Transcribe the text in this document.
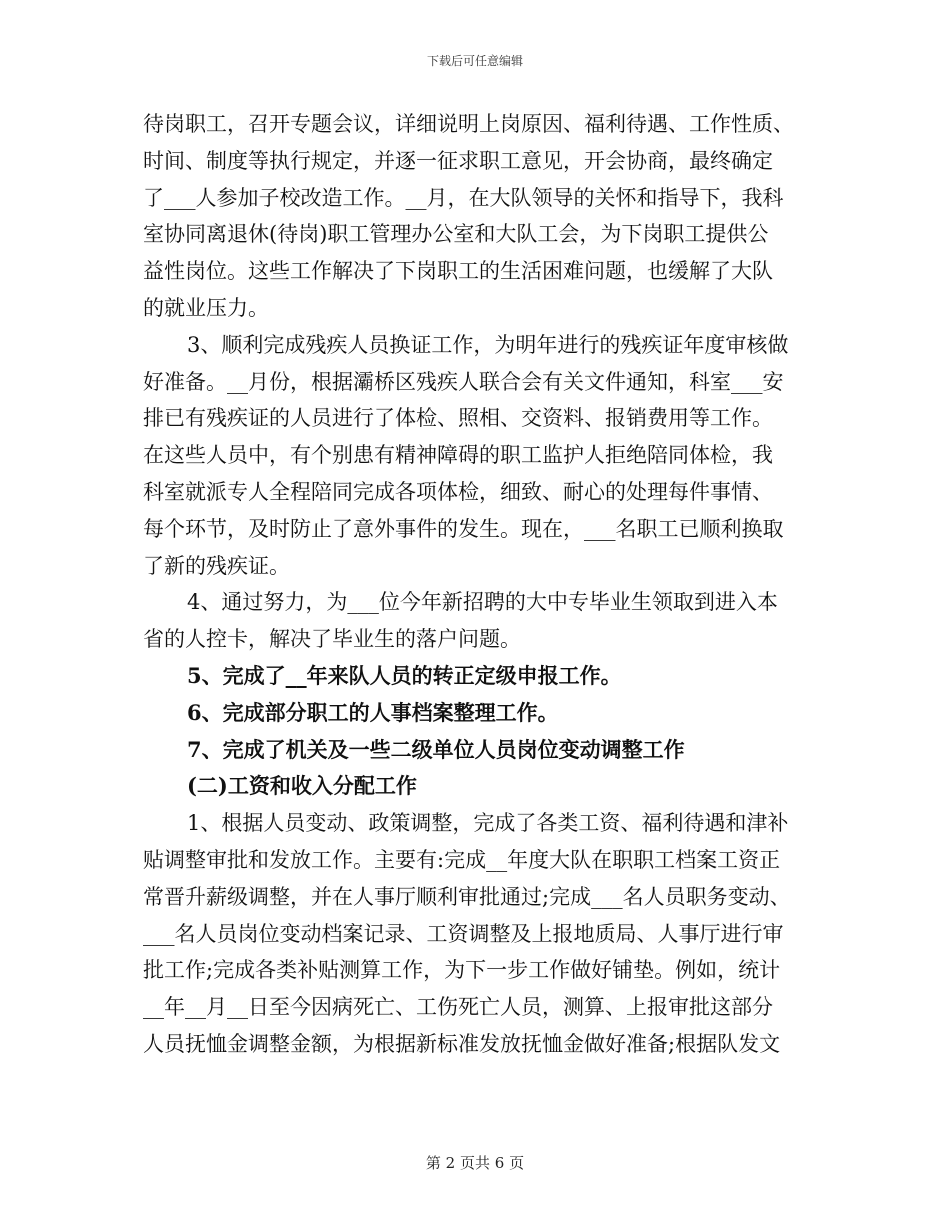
下载后可任意编辑
待岗职工，召开专题会议，详细说明上岗原因、福利待遇、工作性质、
时间、制度等执行规定，并逐一征求职工意见，开会协商，最终确定
了___人参加子校改造工作。__月，在大队领导的关怀和指导下，我科
室协同离退休(待岗)职工管理办公室和大队工会，为下岗职工提供公
益性岗位。这些工作解决了下岗职工的生活困难问题，也缓解了大队
的就业压力。
3、顺利完成残疾人员换证工作，为明年进行的残疾证年度审核做
好准备。__月份，根据灞桥区残疾人联合会有关文件通知，科室___安
排已有残疾证的人员进行了体检、照相、交资料、报销费用等工作。
在这些人员中，有个别患有精神障碍的职工监护人拒绝陪同体检，我
科室就派专人全程陪同完成各项体检，细致、耐心的处理每件事情、
每个环节，及时防止了意外事件的发生。现在，___名职工已顺利换取
了新的残疾证。
4、通过努力，为___位今年新招聘的大中专毕业生领取到进入本
省的人控卡，解决了毕业生的落户问题。
5、完成了__年来队人员的转正定级申报工作。
6、完成部分职工的人事档案整理工作。
7、完成了机关及一些二级单位人员岗位变动调整工作
(二)工资和收入分配工作
1、根据人员变动、政策调整，完成了各类工资、福利待遇和津补
贴调整审批和发放工作。主要有:完成__年度大队在职职工档案工资正
常晋升薪级调整，并在人事厅顺利审批通过;完成___名人员职务变动、
___名人员岗位变动档案记录、工资调整及上报地质局、人事厅进行审
批工作;完成各类补贴测算工作，为下一步工作做好铺垫。例如，统计
__年__月__日至今因病死亡、工伤死亡人员，测算、上报审批这部分
人员抚恤金调整金额，为根据新标准发放抚恤金做好准备;根据队发文
第 2 页共 6 页
